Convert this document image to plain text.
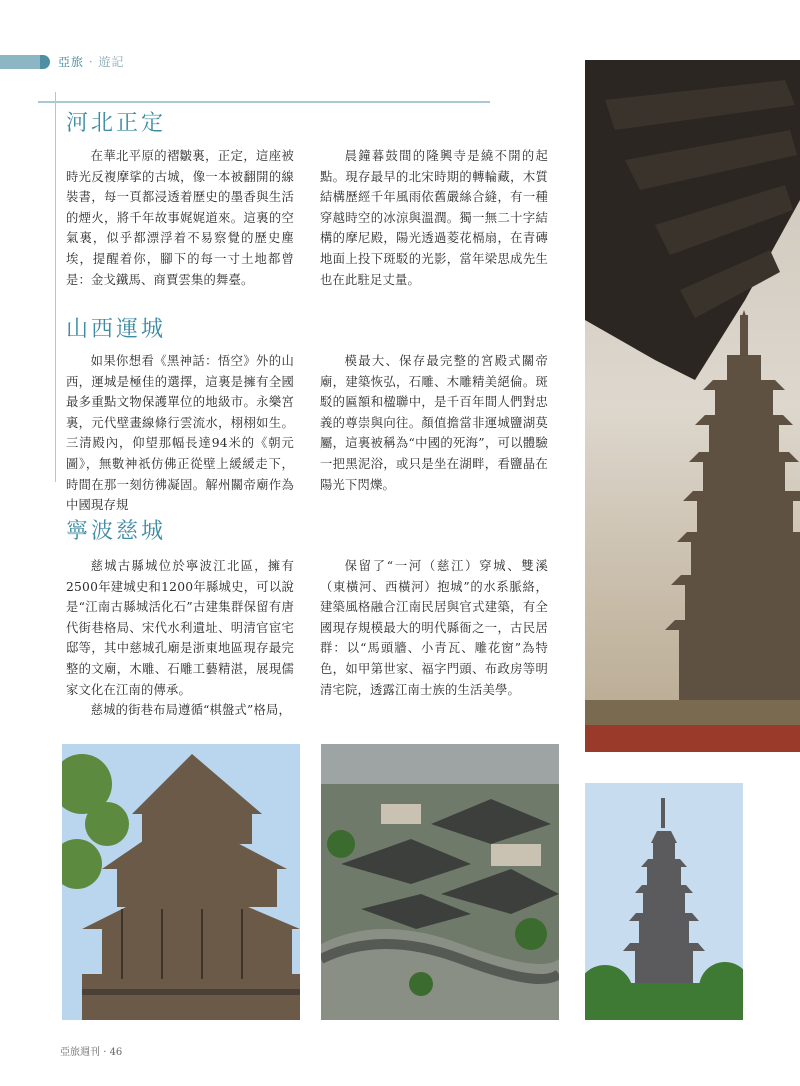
亞旅 · 遊記
河北正定

在華北平原的褶皺裏，正定，這座被時光反複摩挲的古城，像一本被翻開的線裝書，每一頁都浸透着歷史的墨香與生活的煙火，將千年故事娓娓道來。這裏的空氣裏，似乎都漂浮着不易察覺的歷史塵埃，提醒着你，腳下的每一寸土地都曾是：金戈鐵馬、商賈雲集的舞臺。

晨鐘暮鼓間的隆興寺是繞不開的起點。現存最早的北宋時期的轉輪藏，木質結構歷經千年風雨依舊嚴絲合縫，有一種穿越時空的冰涼與溫潤。獨一無二十字結構的摩尼殿，陽光透過菱花槅扇，在青磚地面上投下斑駁的光影，當年梁思成先生也在此駐足丈量。

山西運城

如果你想看《黑神話：悟空》外的山西，運城是極佳的選擇，這裏是擁有全國最多重點文物保護單位的地級市。永樂宮裏，元代壁畫線條行雲流水，栩栩如生。三清殿內，仰望那幅長達94米的《朝元圖》，無數神祇仿佛正從壁上緩緩走下，時間在那一刻彷彿凝固。解州關帝廟作為中國現存規

模最大、保存最完整的宮殿式關帝廟，建築恢弘，石雕、木雕精美絕倫。斑駁的匾額和楹聯中，是千百年間人們對忠義的尊崇與向往。顏值擔當非運城鹽湖莫屬，這裏被稱為“中國的死海”，可以體驗一把黑泥浴，或只是坐在湖畔，看鹽晶在陽光下閃爍。

寧波慈城

慈城古縣城位於寧波江北區，擁有2500年建城史和1200年縣城史，可以說是“江南古縣城活化石”古建集群保留有唐代街巷格局、宋代水利遺址、明清官宦宅邸等，其中慈城孔廟是浙東地區現存最完整的文廟，木雕、石雕工藝精湛，展現儒家文化在江南的傳承。

慈城的街巷布局遵循“棋盤式”格局，

保留了“一河（慈江）穿城、雙溪（東橫河、西橫河）抱城”的水系脈絡，建築風格融合江南民居與官式建築，有全國現存規模最大的明代縣衙之一，古民居群：以“馬頭牆、小青瓦、雕花窗”為特色，如甲第世家、福字門頭、布政房等明清宅院，透露江南士族的生活美學。

亞旅週刊 · 46
